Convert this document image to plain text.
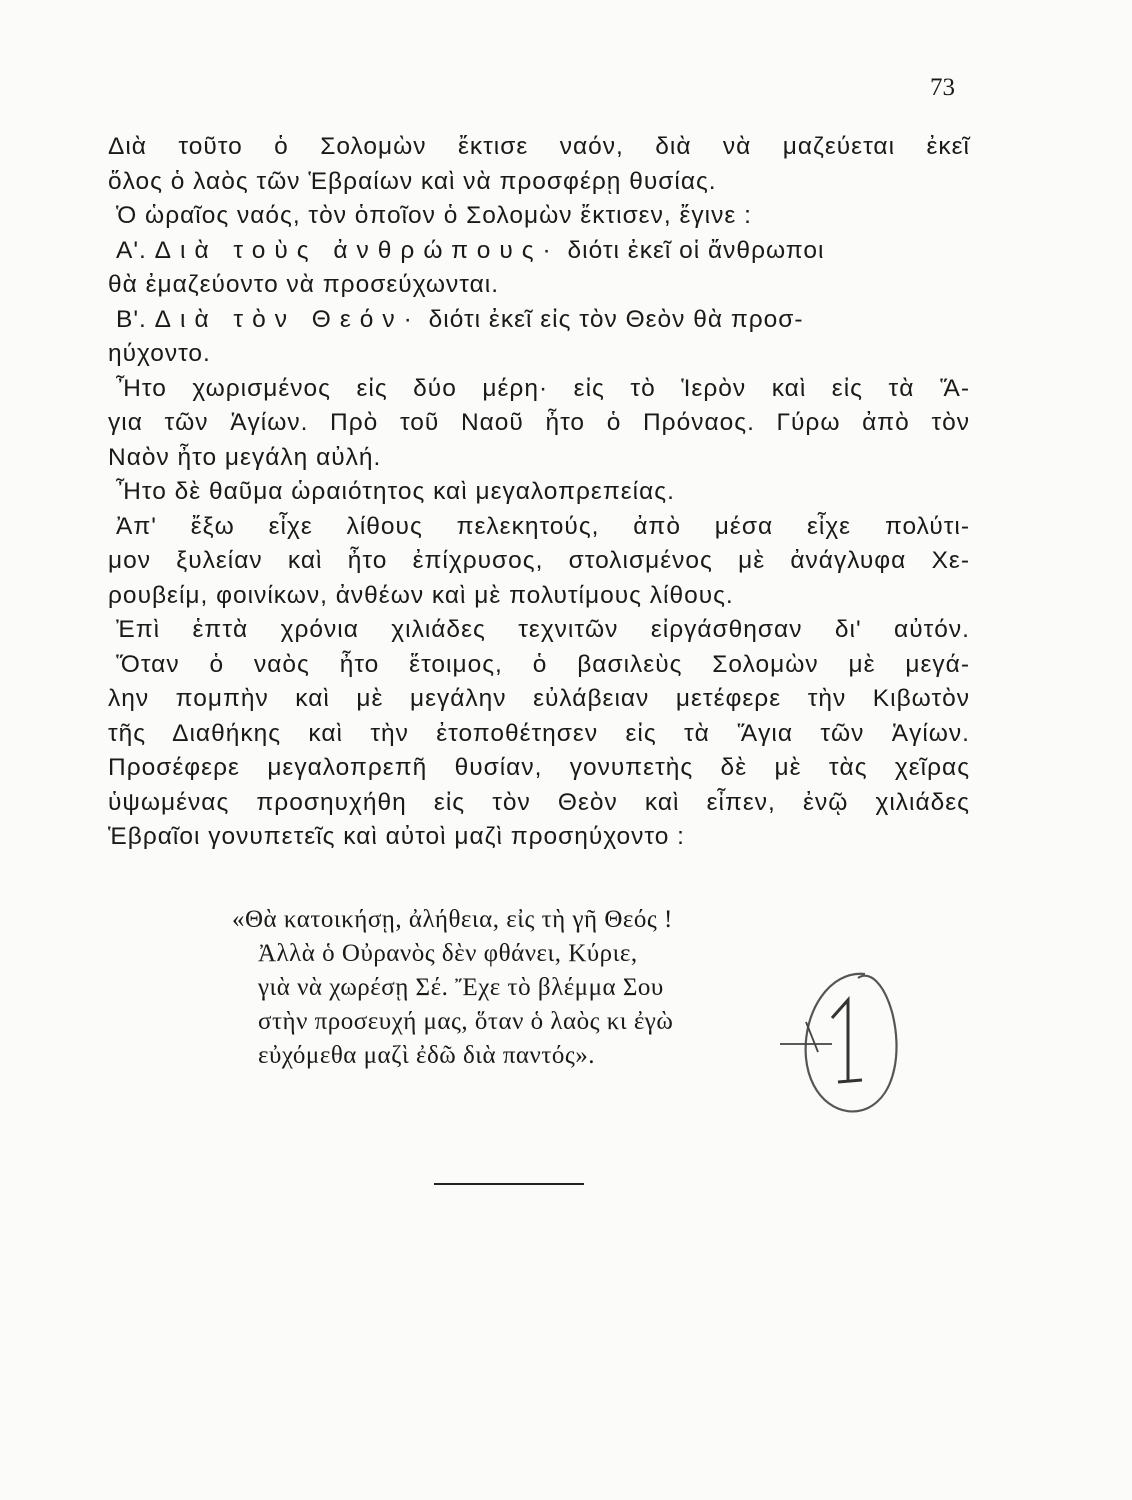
73
Διὰ τοῦτο ὁ Σολομὼν ἔκτισε ναόν, διὰ νὰ μαζεύεται ἐκεῖ
ὅλος ὁ λαὸς τῶν Ἑβραίων καὶ νὰ προσφέρῃ θυσίας.
Ὁ ὡραῖος ναός, τὸν ὁποῖον ὁ Σολομὼν ἔκτισεν, ἔγινε :
Α'. Διὰ τοὺς ἀνθρώπους· διότι ἐκεῖ οἱ ἄνθρωποι
θὰ ἐμαζεύοντο νὰ προσεύχωνται.
Β'. Διὰ τὸν Θεόν· διότι ἐκεῖ εἰς τὸν Θεὸν θὰ προσ-
ηύχοντο.
Ἦτο χωρισμένος εἰς δύο μέρη· εἰς τὸ Ἱερὸν καὶ εἰς τὰ Ἅ-
για τῶν Ἁγίων. Πρὸ τοῦ Ναοῦ ἦτο ὁ Πρόναος. Γύρω ἀπὸ τὸν
Ναὸν ἦτο μεγάλη αὐλή.
Ἦτο δὲ θαῦμα ὡραιότητος καὶ μεγαλοπρεπείας.
Ἀπ' ἔξω εἶχε λίθους πελεκητούς, ἀπὸ μέσα εἶχε πολύτι-
μον ξυλείαν καὶ ἦτο ἐπίχρυσος, στολισμένος μὲ ἀνάγλυφα Χε-
ρουβείμ, φοινίκων, ἀνθέων καὶ μὲ πολυτίμους λίθους.
Ἐπὶ ἑπτὰ χρόνια χιλιάδες τεχνιτῶν εἰργάσθησαν δι' αὐτόν.
Ὅταν ὁ ναὸς ἦτο ἕτοιμος, ὁ βασιλεὺς Σολομὼν μὲ μεγά-
λην πομπὴν καὶ μὲ μεγάλην εὐλάβειαν μετέφερε τὴν Κιβωτὸν
τῆς Διαθήκης καὶ τὴν ἐτοποθέτησεν εἰς τὰ Ἅγια τῶν Ἁγίων.
Προσέφερε μεγαλοπρεπῆ θυσίαν, γονυπετὴς δὲ μὲ τὰς χεῖρας
ὑψωμένας προσηυχήθη εἰς τὸν Θεὸν καὶ εἶπεν, ἐνῷ χιλιάδες
Ἑβραῖοι γονυπετεῖς καὶ αὐτοὶ μαζὶ προσηύχοντο :
«Θὰ κατοικήσῃ, ἀλήθεια, εἰς τὴ γῆ Θεός !
Ἀλλὰ ὁ Οὐρανὸς δὲν φθάνει, Κύριε,
γιὰ νὰ χωρέσῃ Σέ. Ἔχε τὸ βλέμμα Σου
στὴν προσευχή μας, ὅταν ὁ λαὸς κι ἐγὼ
εὐχόμεθα μαζὶ ἐδῶ διὰ παντός».
